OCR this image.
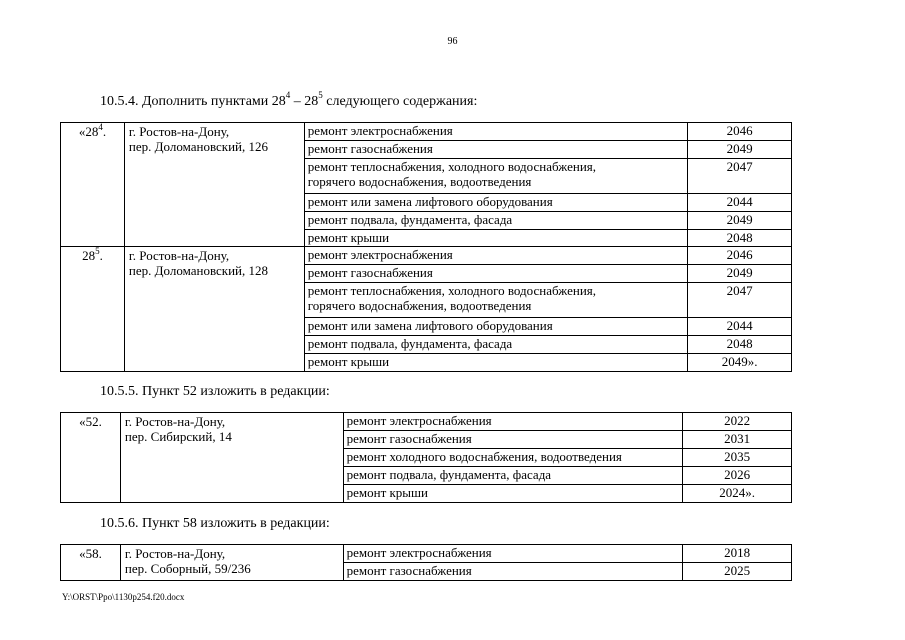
96
10.5.4. Дополнить пунктами $28^4 - 28^5$ следующего содержания:
«$28^4$.	г. Ростов-на-Дону,
пер. Доломановский, 126	ремонт электроснабжения	2046
		ремонт газоснабжения	2049

		ремонт теплоснабжения, холодного водоснабжения,
горячего водоснабжения, водоотведения	2047
		ремонт или замена лифтового оборудования	2044
		ремонт подвала, фундамента, фасада	2049
		ремонт крыши	2048
$28^5$.	г. Ростов-на-Дону,
пер. Доломановский, 128	ремонт электроснабжения	2046
		ремонт газоснабжения	2049

		ремонт теплоснабжения, холодного водоснабжения,
горячего водоснабжения, водоотведения	2047
		ремонт или замена лифтового оборудования	2044
		ремонт подвала, фундамента, фасада	2048
		ремонт крыши	2049».
10.5.5. Пункт 52 изложить в редакции:
«52.	г. Ростов-на-Дону,
пер. Сибирский, 14	ремонт электроснабжения	2022
		ремонт газоснабжения	2031
		ремонт холодного водоснабжения, водоотведения	2035
		ремонт подвала, фундамента, фасада	2026
		ремонт крыши	2024».
10.5.6. Пункт 58 изложить в редакции:
«58.	г. Ростов-на-Дону,
пер. Соборный, 59/236	ремонт электроснабжения	2018
		ремонт газоснабжения	2025
Y:\ORST\Ppo\1130p254.f20.docx
